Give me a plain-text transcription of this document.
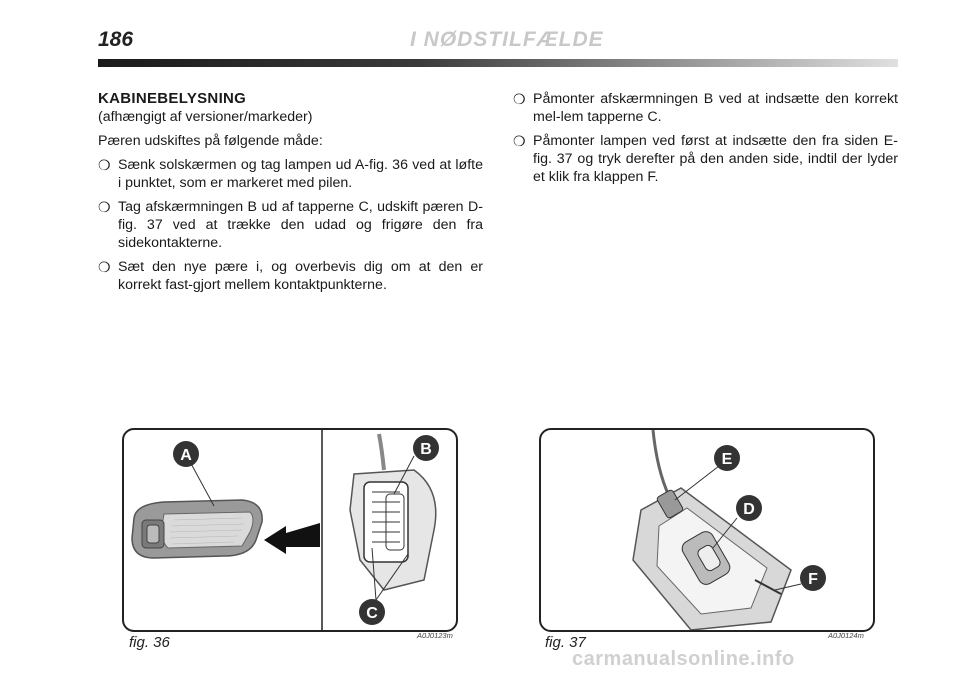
186	I NØDSTILFÆLDE
KABINEBELYSNING
(afhængigt af versioner/markeder)
Pæren udskiftes på følgende måde:
❍ Sænk solskærmen og tag lampen ud A-fig. 36 ved at løfte i punktet, som er markeret med pilen.
❍ Tag afskærmningen B ud af tapperne C, udskift pæren D-fig. 37 ved at trække den udad og frigøre den fra sidekontakterne.
❍ Sæt den nye pære i, og overbevis dig om at den er korrekt fast-gjort mellem kontaktpunkterne.
❍ Påmonter afskærmningen B ved at indsætte den korrekt mel-lem tapperne C.
❍ Påmonter lampen ved først at indsætte den fra siden E-fig. 37 og tryk derefter på den anden side, indtil der lyder et klik fra klappen F.
A	B
C
fig. 36	A0J0123m
E
D
F
fig. 37	A0J0124m
carmanualsonline.info
